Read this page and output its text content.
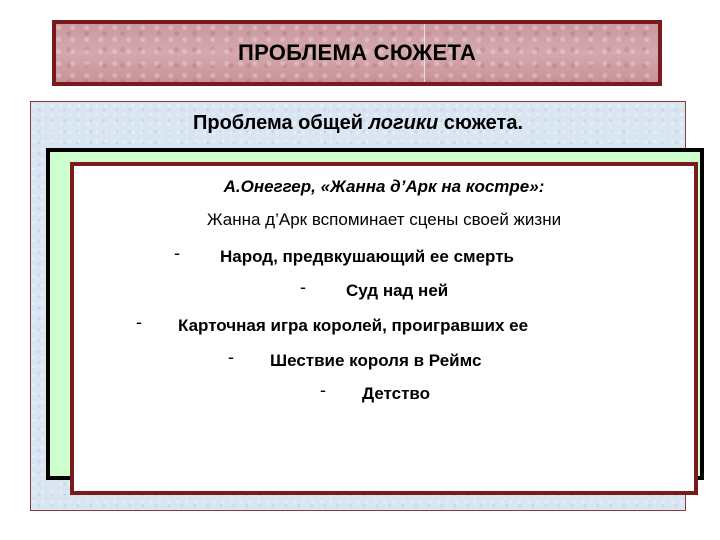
ПРОБЛЕМА СЮЖЕТА
Проблема общей логики сюжета.
А.Онеггер, «Жанна д’Арк на костре»:
Жанна д’Арк вспоминает сцены своей жизни
- Народ, предвкушающий ее смерть
- Суд над ней
- Карточная игра королей, проигравших ее
- Шествие короля в Реймс
- Детство
